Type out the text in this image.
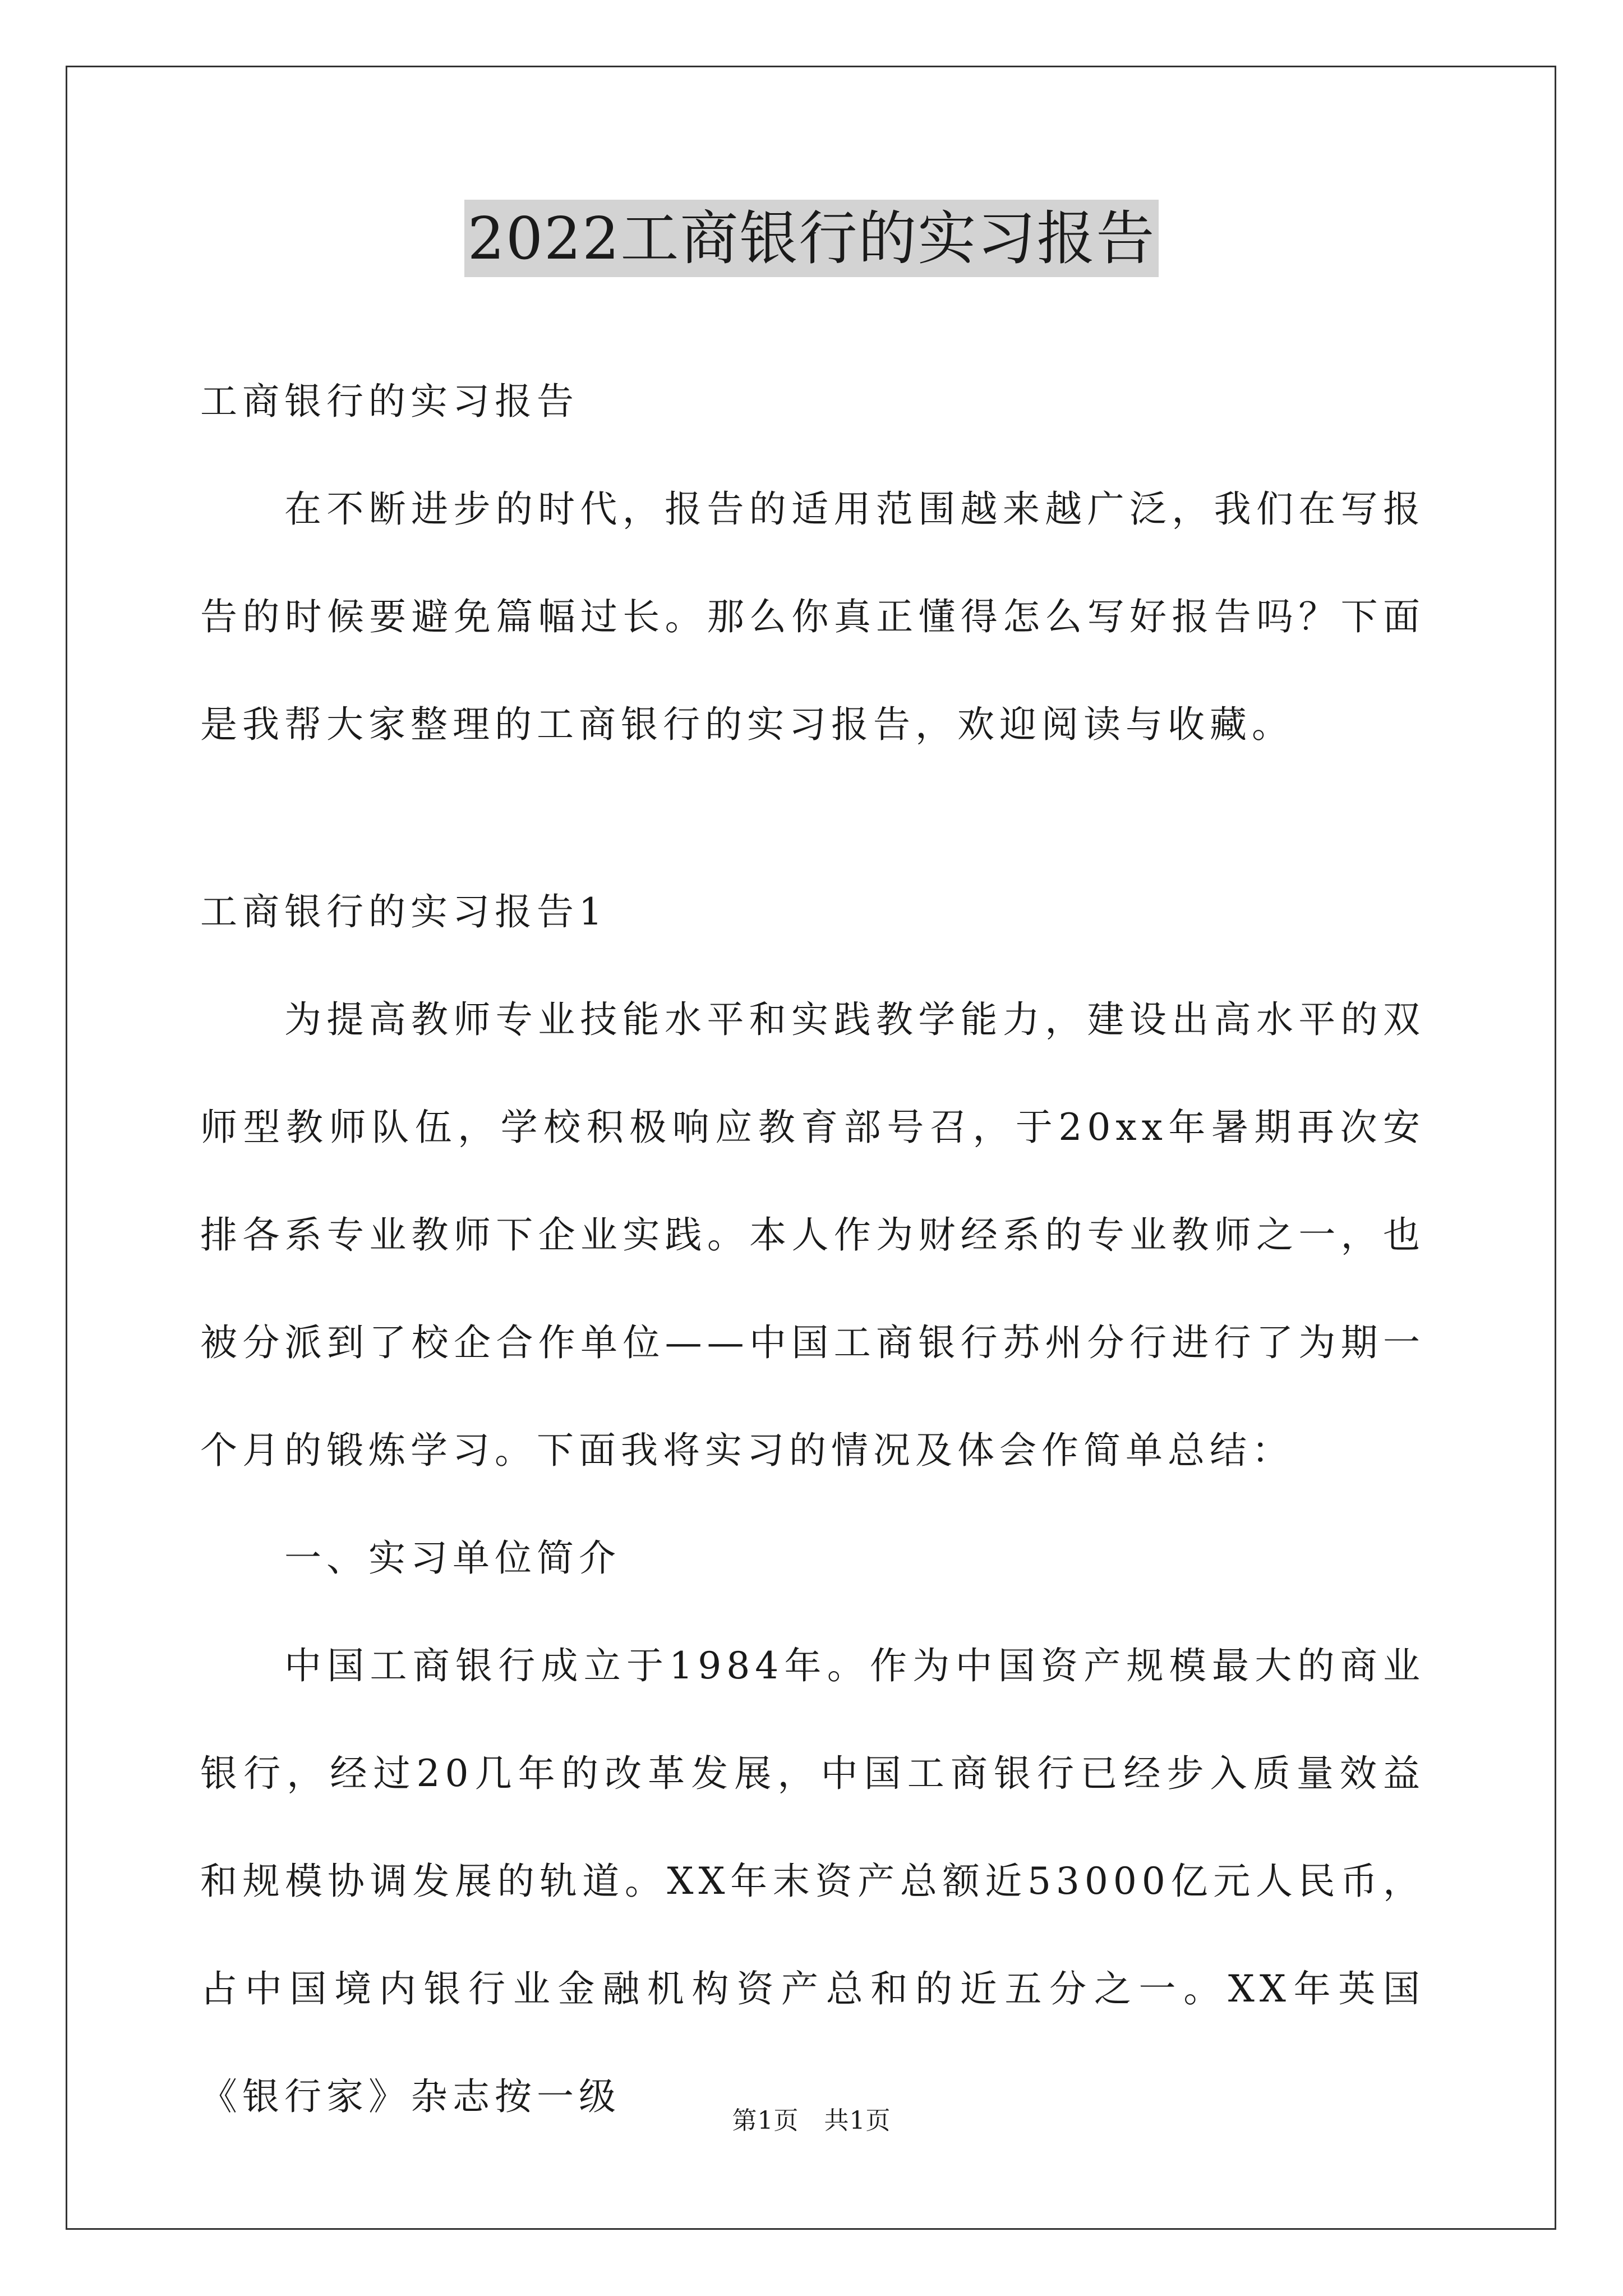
2022工商银行的实习报告

工商银行的实习报告

在不断进步的时代，报告的适用范围越来越广泛，我们在写报告的时候要避免篇幅过长。那么你真正懂得怎么写好报告吗？下面是我帮大家整理的工商银行的实习报告，欢迎阅读与收藏。

工商银行的实习报告1

为提高教师专业技能水平和实践教学能力，建设出高水平的双师型教师队伍，学校积极响应教育部号召，于20xx年暑期再次安排各系专业教师下企业实践。本人作为财经系的专业教师之一，也被分派到了校企合作单位——中国工商银行苏州分行进行了为期一个月的锻炼学习。下面我将实习的情况及体会作简单总结：

一、实习单位简介

中国工商银行成立于1984年。作为中国资产规模最大的商业银行，经过20几年的改革发展，中国工商银行已经步入质量效益和规模协调发展的轨道。XX年末资产总额近53000亿元人民币，占中国境内银行业金融机构资产总和的近五分之一。XX年英国《银行家》杂志按一级

第1页　共1页
